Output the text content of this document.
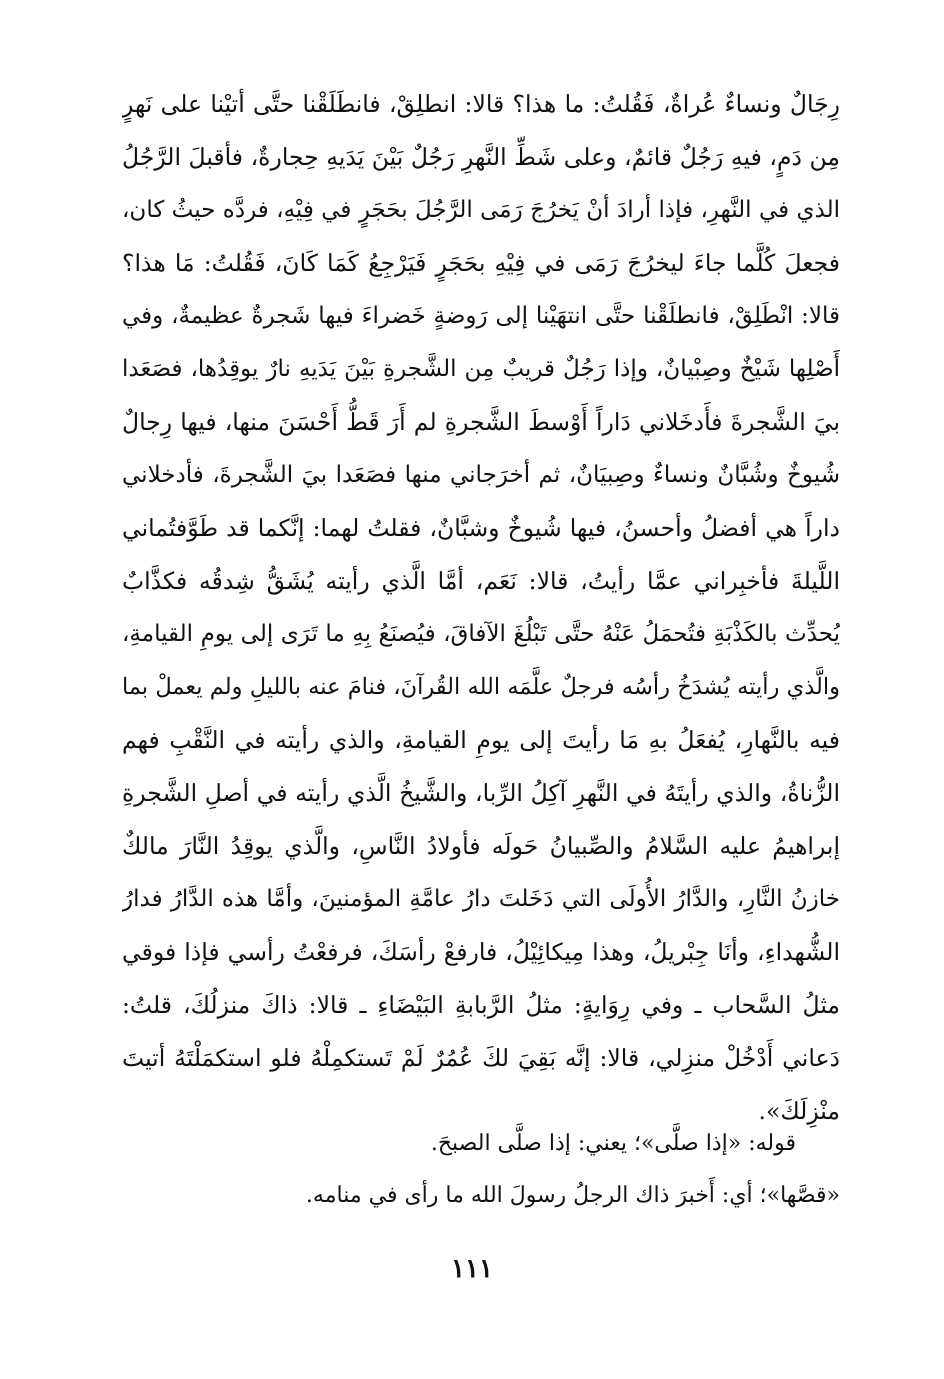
رِجَالٌ ونساءٌ عُراةٌ، فَقُلتُ: ما هذا؟ قالا: انطلِقْ، فانطَلَقْنا حتَّى أتيْنا على نَهرٍ
مِن دَمٍ، فيهِ رَجُلٌ قائمٌ، وعلى شَطِّ النَّهرِ رَجُلٌ بَيْنَ يَدَيهِ حِجارةٌ، فأقبلَ الرَّجُلُ
الذي في النَّهرِ، فإذا أرادَ أنْ يَخرُجَ رَمَى الرَّجُلَ بحَجَرٍ في فِيْهِ، فردَّه حيثُ كان،
فجعلَ كُلَّما جاءَ ليخرُجَ رَمَى في فِيْهِ بحَجَرٍ فَيَرْجِعُ كَمَا كَانَ، فَقُلتُ: مَا هذا؟
قالا: انْطَلِقْ، فانطلَقْنا حتَّى انتهَيْنا إلى رَوضةٍ خَضراءَ فيها شَجرةٌ عظيمةٌ، وفي
أَصْلِها شَيْخٌ وصِبْيانٌ، وإذا رَجُلٌ قريبٌ مِن الشَّجرةِ بَيْنَ يَدَيهِ نارٌ يوقِدُها، فصَعَدا
بيَ الشَّجرةَ فأَدخَلاني دَاراً أَوْسطَ الشَّجرةِ لم أَرَ قَطُّ أَحْسَنَ منها، فيها رِجالٌ
شُيوخٌ وشُبَّانٌ ونساءٌ وصِبيَانٌ، ثم أخرَجاني منها فصَعَدا بيَ الشَّجرةَ، فأدخلاني
داراً هي أفضلُ وأحسنُ، فيها شُيوخٌ وشبَّانٌ، فقلتُ لهما: إنَّكما قد طَوَّفتُماني
اللَّيلةَ فأخبِراني عمَّا رأيتُ، قالا: نَعَم، أمَّا الَّذي رأيته يُشَقُّ شِدقُه فكذَّابٌ
يُحدِّث بالكَذْبَةِ فتُحمَلُ عَنْهُ حتَّى تَبْلُغَ الآفاقَ، فيُصنَعُ بِهِ ما تَرَى إلى يومِ القيامةِ،
والَّذي رأيته يُشدَخُ رأسُه فرجلٌ علَّمَه الله القُرآنَ، فنامَ عنه بالليلِ ولم يعملْ بما
فيه بالنَّهارِ، يُفعَلُ بهِ مَا رأيتَ إلى يومِ القيامةِ، والذي رأيته في النَّقْبِ فهم
الزُّناةُ، والذي رأيتَهُ في النَّهرِ آكِلُ الرِّبا، والشَّيخُ الَّذي رأيته في أصلِ الشَّجرةِ
إبراهيمُ عليه السَّلامُ والصِّبيانُ حَولَه فأولادُ النَّاسِ، والَّذي يوقِدُ النَّارَ مالكٌ
خازنُ النَّارِ، والدَّارُ الأُولَى التي دَخَلتَ دارُ عامَّةِ المؤمنينَ، وأمَّا هذه الدَّارُ فدارُ
الشُّهداءِ، وأنَا جِبْريلُ، وهذا مِيكائِيْلُ، فارفعْ رأسَكَ، فرفعْتُ رأسي فإذا فوقي
مثلُ السَّحاب ـ وفي رِوَايةٍ: مثلُ الرَّبابةِ البَيْضَاءِ ـ قالا: ذاكَ منزلُكَ، قلتُ:
دَعاني أَدْخُلْ منزِلي، قالا: إنَّه بَقِيَ لكَ عُمُرٌ لَمْ تَستكمِلْهُ فلو استكمَلْتَهُ أتيتَ
منْزِلَكَ».
قوله: «إذا صلَّى»؛ يعني: إذا صلَّى الصبحَ.
«قصَّها»؛ أي: أَخبرَ ذاك الرجلُ رسولَ الله ما رأى في منامه.
١١١
